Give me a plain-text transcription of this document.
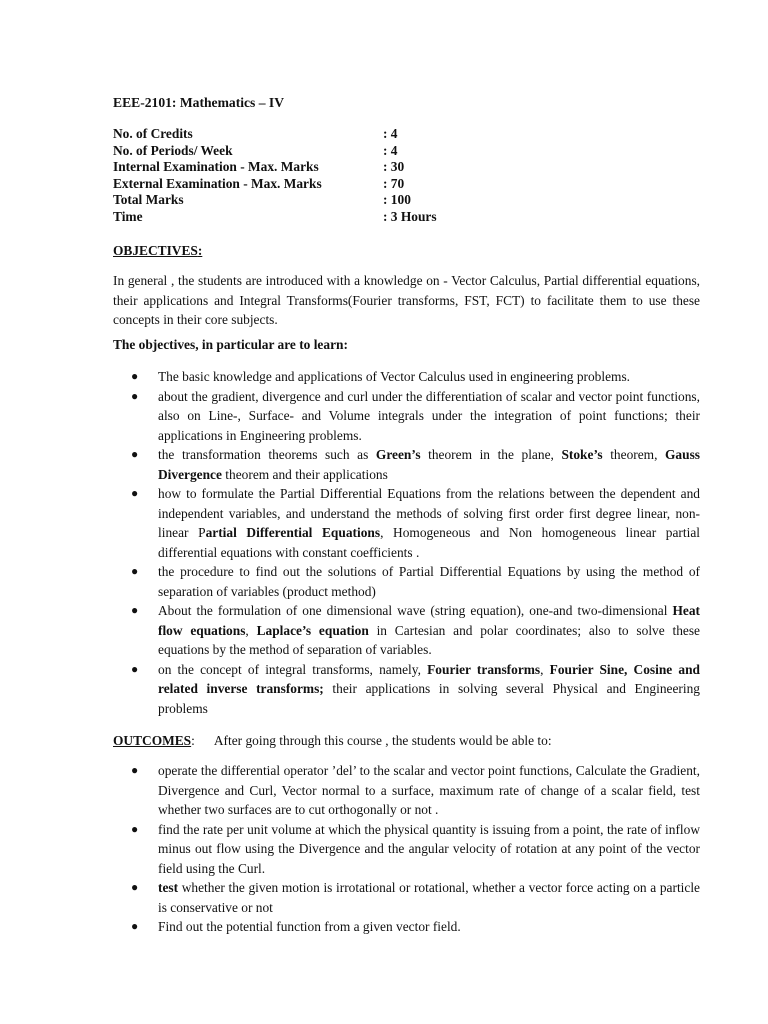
EEE-2101: Mathematics – IV
No. of Credits	: 4
No. of Periods/ Week	: 4
Internal Examination - Max. Marks	: 30
External Examination - Max. Marks	: 70
Total Marks	: 100
Time	: 3 Hours
OBJECTIVES:
In general , the students are introduced with a knowledge on - Vector Calculus, Partial differential equations, their applications and Integral Transforms(Fourier transforms, FST, FCT) to facilitate them to use these concepts in their core subjects.
The objectives, in particular are to learn:
● The basic knowledge and applications of Vector Calculus used in engineering problems.
● about the gradient, divergence and curl under the differentiation of scalar and vector point functions, also on Line-, Surface- and Volume integrals under the integration of point functions; their applications in Engineering problems.
● the transformation theorems such as Green’s theorem in the plane, Stoke’s theorem, Gauss Divergence theorem and their applications
● how to formulate the Partial Differential Equations from the relations between the dependent and independent variables, and understand the methods of solving first order first degree linear, non-linear Partial Differential Equations, Homogeneous and Non homogeneous linear partial differential equations with constant coefficients .
● the procedure to find out the solutions of Partial Differential Equations by using the method of separation of variables (product method)
● About the formulation of one dimensional wave (string equation), one-and two-dimensional Heat flow equations, Laplace’s equation in Cartesian and polar coordinates; also to solve these equations by the method of separation of variables.
● on the concept of integral transforms, namely, Fourier transforms, Fourier Sine, Cosine and related inverse transforms; their applications in solving several Physical and Engineering problems
OUTCOMES: After going through this course , the students would be able to:
● operate the differential operator ’del’ to the scalar and vector point functions, Calculate the Gradient, Divergence and Curl, Vector normal to a surface, maximum rate of change of a scalar field, test whether two surfaces are to cut orthogonally or not .
● find the rate per unit volume at which the physical quantity is issuing from a point, the rate of inflow minus out flow using the Divergence and the angular velocity of rotation at any point of the vector field using the Curl.
● test whether the given motion is irrotational or rotational, whether a vector force acting on a particle is conservative or not
● Find out the potential function from a given vector field.
